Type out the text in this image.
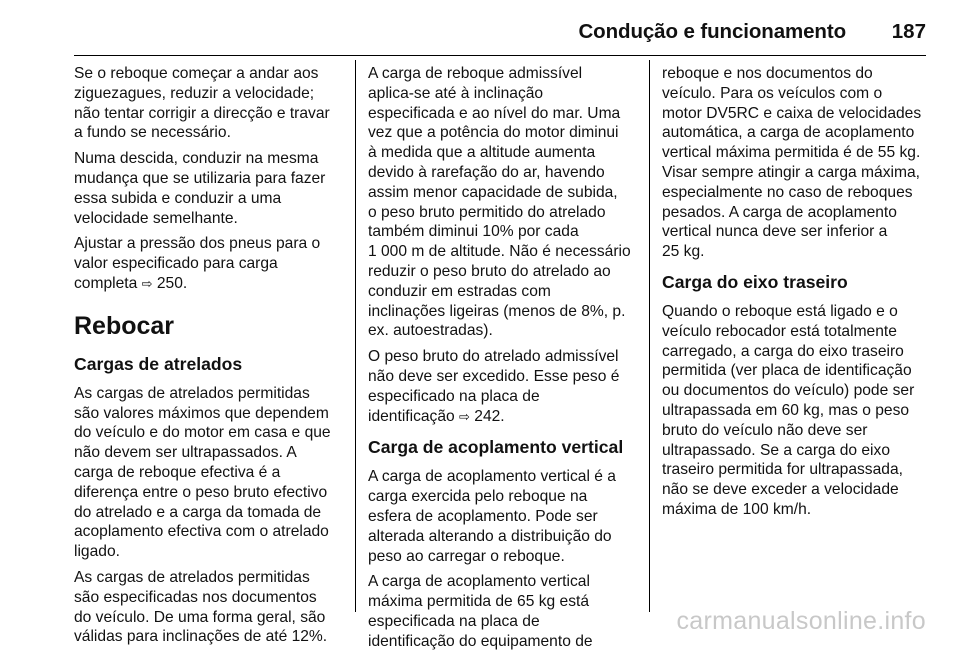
Condução e funcionamento 187
Se o reboque começar a andar aos
ziguezagues, reduzir a velocidade;
não tentar corrigir a direcção e travar
a fundo se necessário.
Numa descida, conduzir na mesma
mudança que se utilizaria para fazer
essa subida e conduzir a uma
velocidade semelhante.
Ajustar a pressão dos pneus para o
valor especificado para carga
completa ⇨ 250.
Rebocar
Cargas de atrelados
As cargas de atrelados permitidas
são valores máximos que dependem
do veículo e do motor em casa e que
não devem ser ultrapassados. A
carga de reboque efectiva é a
diferença entre o peso bruto efectivo
do atrelado e a carga da tomada de
acoplamento efectiva com o atrelado
ligado.
As cargas de atrelados permitidas
são especificadas nos documentos
do veículo. De uma forma geral, são
válidas para inclinações de até 12%.
A carga de reboque admissível
aplica-se até à inclinação
especificada e ao nível do mar. Uma
vez que a potência do motor diminui
à medida que a altitude aumenta
devido à rarefação do ar, havendo
assim menor capacidade de subida,
o peso bruto permitido do atrelado
também diminui 10% por cada
1 000 m de altitude. Não é necessário
reduzir o peso bruto do atrelado ao
conduzir em estradas com
inclinações ligeiras (menos de 8%, p.
ex. autoestradas).
O peso bruto do atrelado admissível
não deve ser excedido. Esse peso é
especificado na placa de
identificação ⇨ 242.
Carga de acoplamento vertical
A carga de acoplamento vertical é a
carga exercida pelo reboque na
esfera de acoplamento. Pode ser
alterada alterando a distribuição do
peso ao carregar o reboque.
A carga de acoplamento vertical
máxima permitida de 65 kg está
especificada na placa de
identificação do equipamento de
reboque e nos documentos do
veículo. Para os veículos com o
motor DV5RC e caixa de velocidades
automática, a carga de acoplamento
vertical máxima permitida é de 55 kg.
Visar sempre atingir a carga máxima,
especialmente no caso de reboques
pesados. A carga de acoplamento
vertical nunca deve ser inferior a
25 kg.
Carga do eixo traseiro
Quando o reboque está ligado e o
veículo rebocador está totalmente
carregado, a carga do eixo traseiro
permitida (ver placa de identificação
ou documentos do veículo) pode ser
ultrapassada em 60 kg, mas o peso
bruto do veículo não deve ser
ultrapassado. Se a carga do eixo
traseiro permitida for ultrapassada,
não se deve exceder a velocidade
máxima de 100 km/h.
carmanualsonline.info
